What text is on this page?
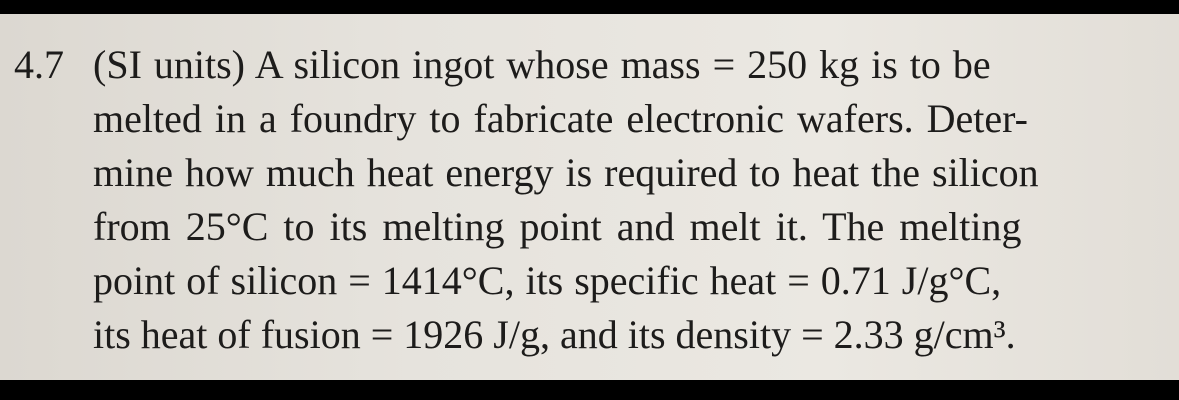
4.7 (SI units) A silicon ingot whose mass = 250 kg is to be
melted in a foundry to fabricate electronic wafers. Deter-
mine how much heat energy is required to heat the silicon
from 25°C to its melting point and melt it. The melting
point of silicon = 1414°C, its specific heat = 0.71 J/g°C,
its heat of fusion = 1926 J/g, and its density = 2.33 g/cm³.
